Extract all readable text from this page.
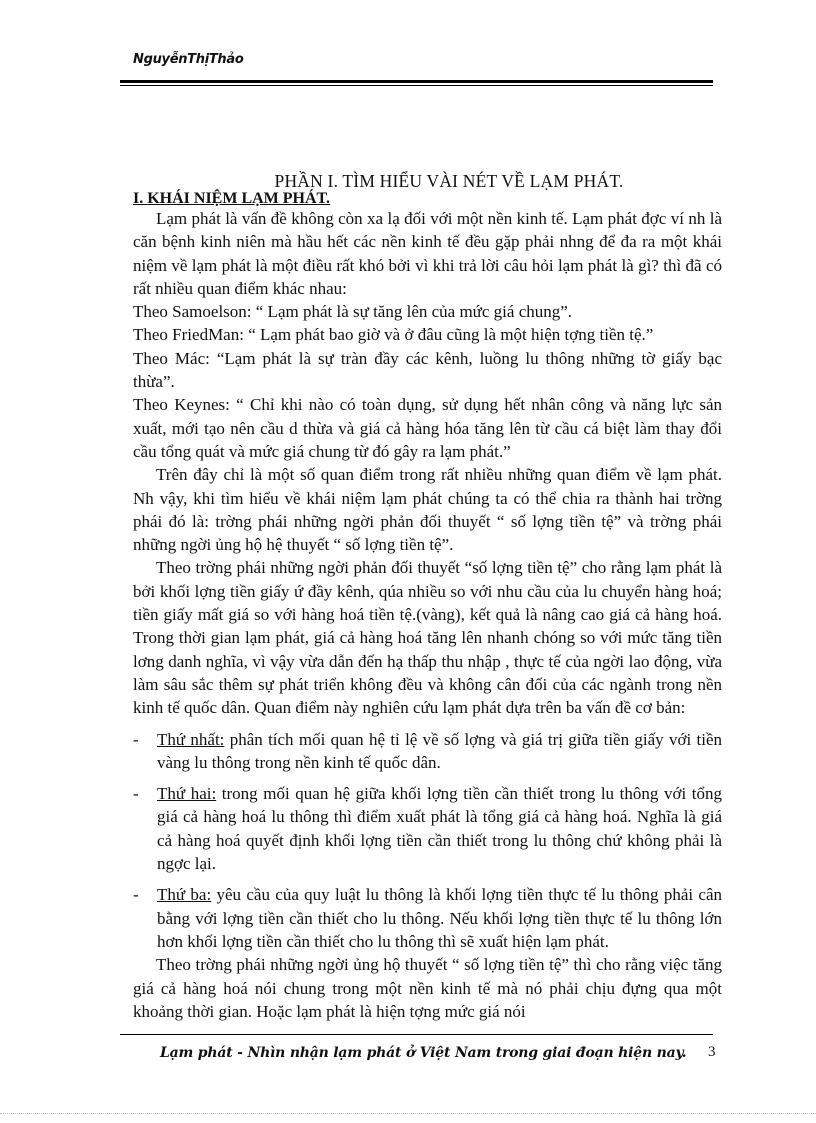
NguyễnThịThảo
PHẦN I. TÌM HIỂU VÀI NÉT VỀ LẠM PHÁT.
I. KHÁI NIỆM LẠM PHÁT.

Lạm phát là vấn đề không còn xa lạ đối với một nền kinh tế. Lạm phát đợc ví nh là căn bệnh kinh niên mà hầu hết các nền kinh tế đều gặp phải nhng để đa ra một khái niệm về lạm phát là một điều rất khó bởi vì khi trả lời câu hỏi lạm phát là gì? thì đã có rất nhiều quan điểm khác nhau:

Theo Samoelson: “ Lạm phát là sự tăng lên của mức giá chung”.

Theo FriedMan: “ Lạm phát bao giờ và ở đâu cũng là một hiện tợng tiền tệ.”

Theo Mác: “Lạm phát là sự tràn đầy các kênh, luồng lu thông những tờ giấy bạc thừa”.

Theo Keynes: “ Chỉ khi nào có toàn dụng, sử dụng hết nhân công và năng lực sản xuất, mới tạo nên cầu d thừa và giá cả hàng hóa tăng lên từ cầu cá biệt làm thay đổi cầu tổng quát và mức giá chung từ đó gây ra lạm phát.”

Trên đây chỉ là một số quan điểm trong rất nhiều những quan điểm về lạm phát. Nh vậy, khi tìm hiểu về khái niệm lạm phát chúng ta có thể chia ra thành hai trờng phái đó là: trờng phái những ngời phản đối thuyết “ số lợng tiền tệ” và trờng phái những ngời ủng hộ hệ thuyết “ số lợng tiền tệ”.

Theo trờng phái những ngời phản đối thuyết “số lợng tiền tệ” cho rằng lạm phát là bởi khối lợng tiền giấy ứ đầy kênh, qúa nhiều so với nhu cầu của lu chuyển hàng hoá; tiền giấy mất giá so với hàng hoá tiền tệ.(vàng), kết quả là nâng cao giá cả hàng hoá. Trong thời gian lạm phát, giá cả hàng hoá tăng lên nhanh chóng so với mức tăng tiền lơng danh nghĩa, vì vậy vừa dẫn đến hạ thấp thu nhập , thực tế của ngời lao động, vừa làm sâu sắc thêm sự phát triển không đều và không cân đối của các ngành trong nền kinh tế quốc dân. Quan điểm này nghiên cứu lạm phát dựa trên ba vấn đề cơ bản:

- Thứ nhất: phân tích mối quan hệ tỉ lệ về số lợng và giá trị giữa tiền giấy với tiền vàng lu thông trong nền kinh tế quốc dân.

- Thứ hai: trong mối quan hệ giữa khối lợng tiền cần thiết trong lu thông với tổng giá cả hàng hoá lu thông thì điểm xuất phát là tổng giá cả hàng hoá. Nghĩa là giá cả hàng hoá quyết định khối lợng tiền cần thiết trong lu thông chứ không phải là ngợc lại.

- Thứ ba: yêu cầu của quy luật lu thông là khối lợng tiền thực tế lu thông phải cân bằng với lợng tiền cần thiết cho lu thông. Nếu khối lợng tiền thực tế lu thông lớn hơn khối lợng tiền cần thiết cho lu thông thì sẽ xuất hiện lạm phát.

Theo trờng phái những ngời ủng hộ thuyết “ số lợng tiền tệ” thì cho rằng việc tăng giá cả hàng hoá nói chung trong một nền kinh tế mà nó phải chịu đựng qua một khoảng thời gian. Hoặc lạm phát là hiện tợng mức giá nói

Lạm phát - Nhìn nhận lạm phát ở Việt Nam trong giai đoạn hiện nay. 3
